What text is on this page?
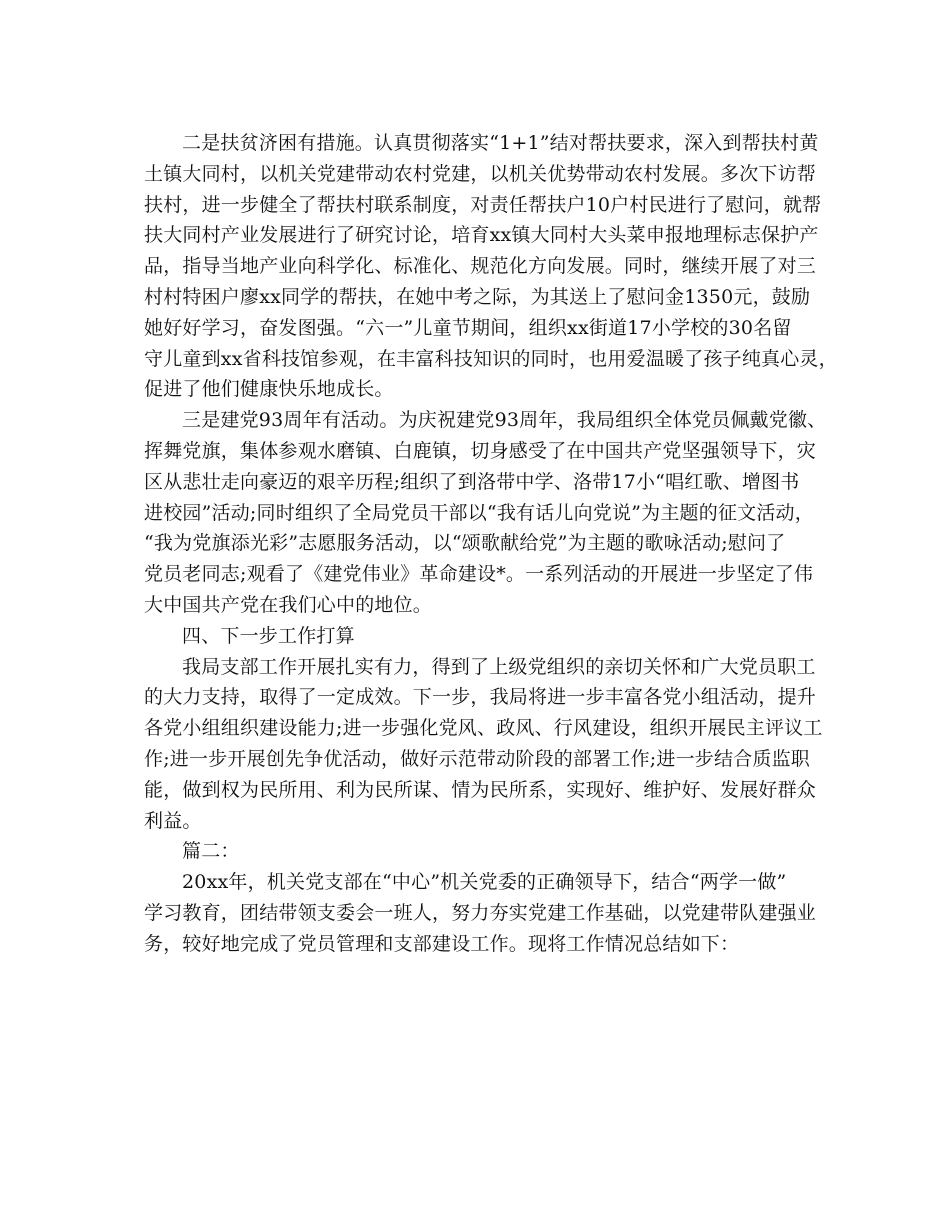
二是扶贫济困有措施。认真贯彻落实“1+1”结对帮扶要求，深入到帮扶村黄
土镇大同村，以机关党建带动农村党建，以机关优势带动农村发展。多次下访帮
扶村，进一步健全了帮扶村联系制度，对责任帮扶户10户村民进行了慰问，就帮
扶大同村产业发展进行了研究讨论，培育xx镇大同村大头菜申报地理标志保护产
品，指导当地产业向科学化、标准化、规范化方向发展。同时，继续开展了对三
村村特困户廖xx同学的帮扶，在她中考之际，为其送上了慰问金1350元，鼓励
她好好学习，奋发图强。“六一”儿童节期间，组织xx街道17小学校的30名留
守儿童到xx省科技馆参观，在丰富科技知识的同时，也用爱温暖了孩子纯真心灵，
促进了他们健康快乐地成长。
三是建党93周年有活动。为庆祝建党93周年，我局组织全体党员佩戴党徽、
挥舞党旗，集体参观水磨镇、白鹿镇，切身感受了在中国共产党坚强领导下，灾
区从悲壮走向豪迈的艰辛历程;组织了到洛带中学、洛带17小“唱红歌、增图书
进校园”活动;同时组织了全局党员干部以“我有话儿向党说”为主题的征文活动，
“我为党旗添光彩”志愿服务活动，以“颂歌献给党”为主题的歌咏活动;慰问了
党员老同志;观看了《建党伟业》革命建设*。一系列活动的开展进一步坚定了伟
大中国共产党在我们心中的地位。
四、下一步工作打算
我局支部工作开展扎实有力，得到了上级党组织的亲切关怀和广大党员职工
的大力支持，取得了一定成效。下一步，我局将进一步丰富各党小组活动，提升
各党小组组织建设能力;进一步强化党风、政风、行风建设，组织开展民主评议工
作;进一步开展创先争优活动，做好示范带动阶段的部署工作;进一步结合质监职
能，做到权为民所用、利为民所谋、情为民所系，实现好、维护好、发展好群众
利益。
篇二：
20xx年，机关党支部在“中心”机关党委的正确领导下，结合“两学一做”
学习教育，团结带领支委会一班人，努力夯实党建工作基础，以党建带队建强业
务，较好地完成了党员管理和支部建设工作。现将工作情况总结如下：
